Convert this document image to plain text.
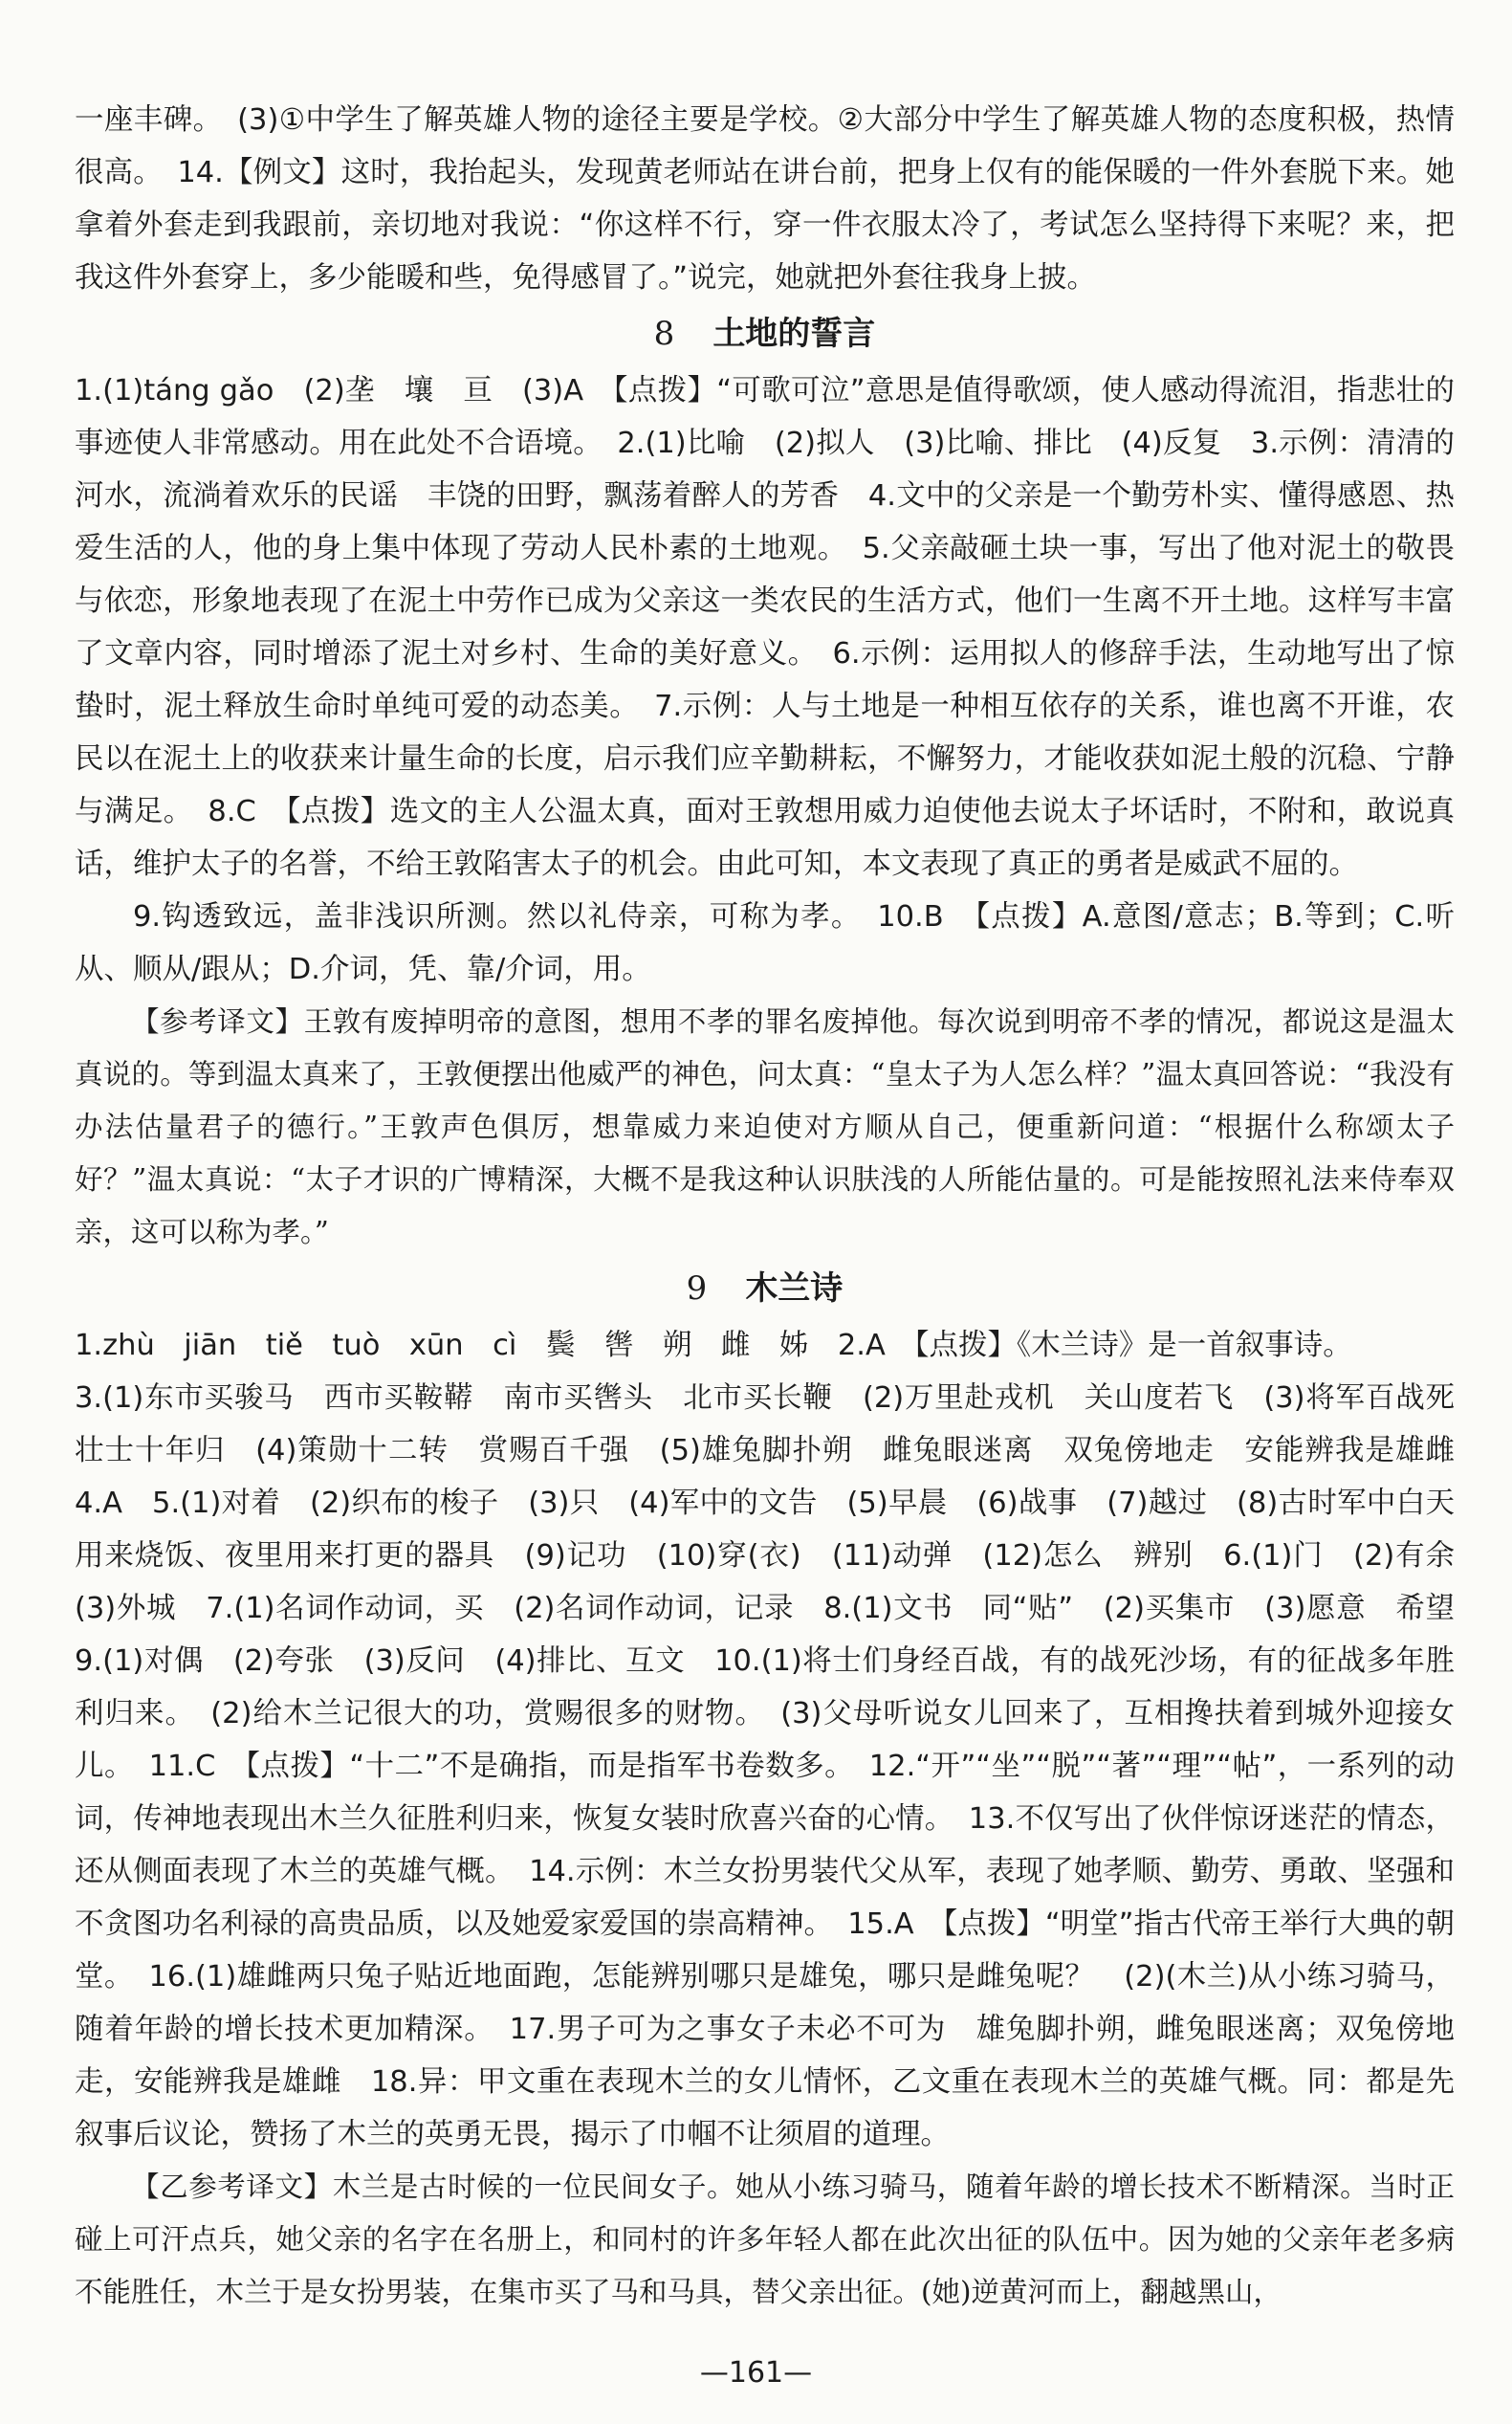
一座丰碑。　(3)①中学生了解英雄人物的途径主要是学校。②大部分中学生了解英雄人物的态度积极，热情很高。　14.【例文】这时，我抬起头，发现黄老师站在讲台前，把身上仅有的能保暖的一件外套脱下来。她拿着外套走到我跟前，亲切地对我说：“你这样不行，穿一件衣服太冷了，考试怎么坚持得下来呢？来，把我这件外套穿上，多少能暖和些，免得感冒了。”说完，她就把外套往我身上披。

8 土地的誓言

1.(1)táng gǎo　(2)垄　壤　亘　(3)A　【点拨】“可歌可泣”意思是值得歌颂，使人感动得流泪，指悲壮的事迹使人非常感动。用在此处不合语境。　2.(1)比喻　(2)拟人　(3)比喻、排比　(4)反复　3.示例：清清的河水，流淌着欢乐的民谣　丰饶的田野，飘荡着醉人的芳香　4.文中的父亲是一个勤劳朴实、懂得感恩、热爱生活的人，他的身上集中体现了劳动人民朴素的土地观。　5.父亲敲砸土块一事，写出了他对泥土的敬畏与依恋，形象地表现了在泥土中劳作已成为父亲这一类农民的生活方式，他们一生离不开土地。这样写丰富了文章内容，同时增添了泥土对乡村、生命的美好意义。　6.示例：运用拟人的修辞手法，生动地写出了惊蛰时，泥土释放生命时单纯可爱的动态美。　7.示例：人与土地是一种相互依存的关系，谁也离不开谁，农民以在泥土上的收获来计量生命的长度，启示我们应辛勤耕耘，不懈努力，才能收获如泥土般的沉稳、宁静与满足。　8.C　【点拨】选文的主人公温太真，面对王敦想用威力迫使他去说太子坏话时，不附和，敢说真话，维护太子的名誉，不给王敦陷害太子的机会。由此可知，本文表现了真正的勇者是威武不屈的。

9.钩透致远，盖非浅识所测。然以礼侍亲，可称为孝。　10.B　【点拨】A.意图/意志；B.等到；C.听从、顺从/跟从；D.介词，凭、靠/介词，用。

【参考译文】王敦有废掉明帝的意图，想用不孝的罪名废掉他。每次说到明帝不孝的情况，都说这是温太真说的。等到温太真来了，王敦便摆出他威严的神色，问太真：“皇太子为人怎么样？”温太真回答说：“我没有办法估量君子的德行。”王敦声色俱厉，想靠威力来迫使对方顺从自己，便重新问道：“根据什么称颂太子好？”温太真说：“太子才识的广博精深，大概不是我这种认识肤浅的人所能估量的。可是能按照礼法来侍奉双亲，这可以称为孝。”

9 木兰诗

1.zhù　jiān　tiě　tuò　xūn　cì　鬓　辔　朔　雌　姊　2.A　【点拨】《木兰诗》是一首叙事诗。

3.(1)东市买骏马　西市买鞍鞯　南市买辔头　北市买长鞭　(2)万里赴戎机　关山度若飞　(3)将军百战死　壮士十年归　(4)策勋十二转　赏赐百千强　(5)雄兔脚扑朔　雌兔眼迷离　双兔傍地走　安能辨我是雄雌　4.A　5.(1)对着　(2)织布的梭子　(3)只　(4)军中的文告　(5)早晨　(6)战事　(7)越过　(8)古时军中白天用来烧饭、夜里用来打更的器具　(9)记功　(10)穿(衣)　(11)动弹　(12)怎么　辨别　6.(1)门　(2)有余　(3)外城　7.(1)名词作动词，买　(2)名词作动词，记录　8.(1)文书　同“贴”　(2)买集市　(3)愿意　希望　9.(1)对偶　(2)夸张　(3)反问　(4)排比、互文　10.(1)将士们身经百战，有的战死沙场，有的征战多年胜利归来。　(2)给木兰记很大的功，赏赐很多的财物。　(3)父母听说女儿回来了，互相搀扶着到城外迎接女儿。　11.C　【点拨】“十二”不是确指，而是指军书卷数多。　12.“开”“坐”“脱”“著”“理”“帖”，一系列的动词，传神地表现出木兰久征胜利归来，恢复女装时欣喜兴奋的心情。　13.不仅写出了伙伴惊讶迷茫的情态，还从侧面表现了木兰的英雄气概。　14.示例：木兰女扮男装代父从军，表现了她孝顺、勤劳、勇敢、坚强和不贪图功名利禄的高贵品质，以及她爱家爱国的崇高精神。　15.A　【点拨】“明堂”指古代帝王举行大典的朝堂。　16.(1)雄雌两只兔子贴近地面跑，怎能辨别哪只是雄兔，哪只是雌兔呢？　(2)(木兰)从小练习骑马，随着年龄的增长技术更加精深。　17.男子可为之事女子未必不可为　雄兔脚扑朔，雌兔眼迷离；双兔傍地走，安能辨我是雄雌　18.异：甲文重在表现木兰的女儿情怀，乙文重在表现木兰的英雄气概。同：都是先叙事后议论，赞扬了木兰的英勇无畏，揭示了巾帼不让须眉的道理。

【乙参考译文】木兰是古时候的一位民间女子。她从小练习骑马，随着年龄的增长技术不断精深。当时正碰上可汗点兵，她父亲的名字在名册上，和同村的许多年轻人都在此次出征的队伍中。因为她的父亲年老多病不能胜任，木兰于是女扮男装，在集市买了马和马具，替父亲出征。(她)逆黄河而上，翻越黑山，

—161—
